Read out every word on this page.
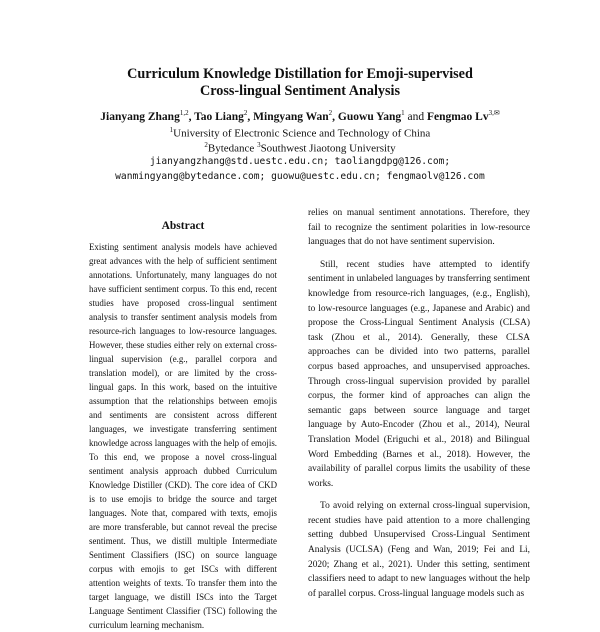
Curriculum Knowledge Distillation for Emoji-supervised
Cross-lingual Sentiment Analysis
Jianyang Zhang$^{1,2}$, Tao Liang$^2$, Mingyang Wan$^2$, Guowu Yang$^1$ and Fengmao $Lv^{3,✉}$
$^1$University of Electronic Science and Technology of China
$^2$Bytedance $^3$Southwest Jiaotong University
jianyangzhang@std.uestc.edu.cn; taoliangdpg@126.com;
wanmingyang@bytedance.com; guowu@uestc.edu.cn; fengmaolv@126.com
Abstract
Existing sentiment analysis models have achieved great advances with the help of sufficient sentiment annotations. Unfortunately, many languages do not have sufficient sentiment corpus. To this end, recent studies have proposed cross-lingual sentiment analysis to transfer sentiment analysis models from resource-rich languages to low-resource languages. However, these studies either rely on external cross-lingual supervision (e.g., parallel corpora and translation model), or are limited by the cross-lingual gaps. In this work, based on the intuitive assumption that the relationships between emojis and sentiments are consistent across different languages, we investigate transferring sentiment knowledge across languages with the help of emojis. To this end, we propose a novel cross-lingual sentiment analysis approach dubbed Curriculum Knowledge Distiller (CKD). The core idea of CKD is to use emojis to bridge the source and target languages. Note that, compared with texts, emojis are more transferable, but cannot reveal the precise sentiment. Thus, we distill multiple Intermediate Sentiment Classifiers (ISC) on source language corpus with emojis to get ISCs with different attention weights of texts. To transfer them into the target language, we distill ISCs into the Target Language Sentiment Classifier (TSC) following the curriculum learning mechanism.

relies on manual sentiment annotations. Therefore, they fail to recognize the sentiment polarities in low-resource languages that do not have sentiment supervision.

Still, recent studies have attempted to identify sentiment in unlabeled languages by transferring sentiment knowledge from resource-rich languages, (e.g., English), to low-resource languages (e.g., Japanese and Arabic) and propose the Cross-Lingual Sentiment Analysis (CLSA) task (Zhou et al., 2014). Generally, these CLSA approaches can be divided into two patterns, parallel corpus based approaches, and unsupervised approaches. Through cross-lingual supervision provided by parallel corpus, the former kind of approaches can align the semantic gaps between source language and target language by Auto-Encoder (Zhou et al., 2014), Neural Translation Model (Eriguchi et al., 2018) and Bilingual Word Embedding (Barnes et al., 2018). However, the availability of parallel corpus limits the usability of these works.

To avoid relying on external cross-lingual supervision, recent studies have paid attention to a more challenging setting dubbed Unsupervised Cross-Lingual Sentiment Analysis (UCLSA) (Feng and Wan, 2019; Fei and Li, 2020; Zhang et al., 2021). Under this setting, sentiment classifiers need to adapt to new languages without the help of parallel corpus. Cross-lingual language models such as
